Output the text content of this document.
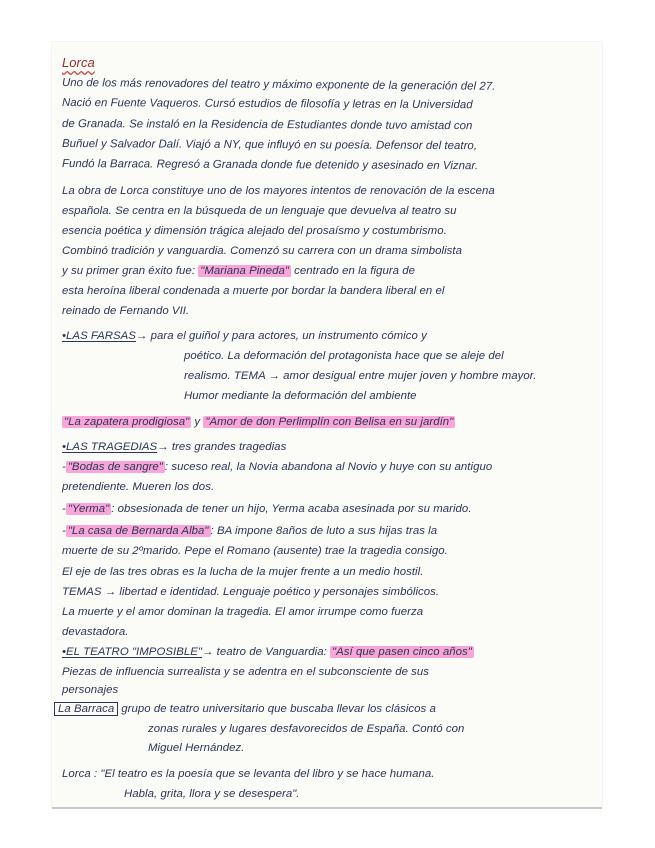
Lorca
Uno de los más renovadores del teatro y máximo exponente de la generación del 27.
Nació en Fuente Vaqueros. Cursó estudios de filosofía y letras en la Universidad
de Granada. Se instaló en la Residencia de Estudiantes donde tuvo amistad con
Buñuel y Salvador Dalí. Viajó a NY, que influyó en su poesía. Defensor del teatro,
Fundó la Barraca. Regresó a Granada donde fue detenido y asesinado en Viznar.
La obra de Lorca constituye uno de los mayores intentos de renovación de la escena
española. Se centra en la búsqueda de un lenguaje que devuelva al teatro su
esencia poética y dimensión trágica alejado del prosaísmo y costumbrismo.
Combinó tradición y vanguardia. Comenzó su carrera con un drama simbolista
y su primer gran éxito fue: "Mariana Pineda" centrado en la figura de
esta heroína liberal condenada a muerte por bordar la bandera liberal en el
reinado de Fernando VII.
•LAS FARSAS→ para el guiñol y para actores, un instrumento cómico y
poético. La deformación del protagonista hace que se aleje del
realismo. TEMA → amor desigual entre mujer joven y hombre mayor.
Humor mediante la deformación del ambiente
"La zapatera prodigiosa" y "Amor de don Perlimplín con Belisa en su jardín"
•LAS TRAGEDIAS→ tres grandes tragedias
- "Bodas de sangre" : suceso real, la Novia abandona al Novio y huye con su antiguo
pretendiente. Mueren los dos.
- "Yerma" : obsesionada de tener un hijo, Yerma acaba asesinada por su marido.
- "La casa de Bernarda Alba" : BA impone 8años de luto a sus hijas tras la
muerte de su 2ºmarido. Pepe el Romano (ausente) trae la tragedia consigo.
El eje de las tres obras es la lucha de la mujer frente a un medio hostil.
TEMAS → libertad e identidad. Lenguaje poético y personajes simbólicos.
La muerte y el amor dominan la tragedia. El amor irrumpe como fuerza
devastadora.
•EL TEATRO "IMPOSIBLE"→ teatro de Vanguardia: "Así que pasen cinco años"
Piezas de influencia surrealista y se adentra en el subconsciente de sus
personajes
La Barraca grupo de teatro universitario que buscaba llevar los clásicos a
zonas rurales y lugares desfavorecidos de España. Contó con
Miguel Hernández.
Lorca : "El teatro es la poesía que se levanta del libro y se hace humana.
Habla, grita, llora y se desespera".
